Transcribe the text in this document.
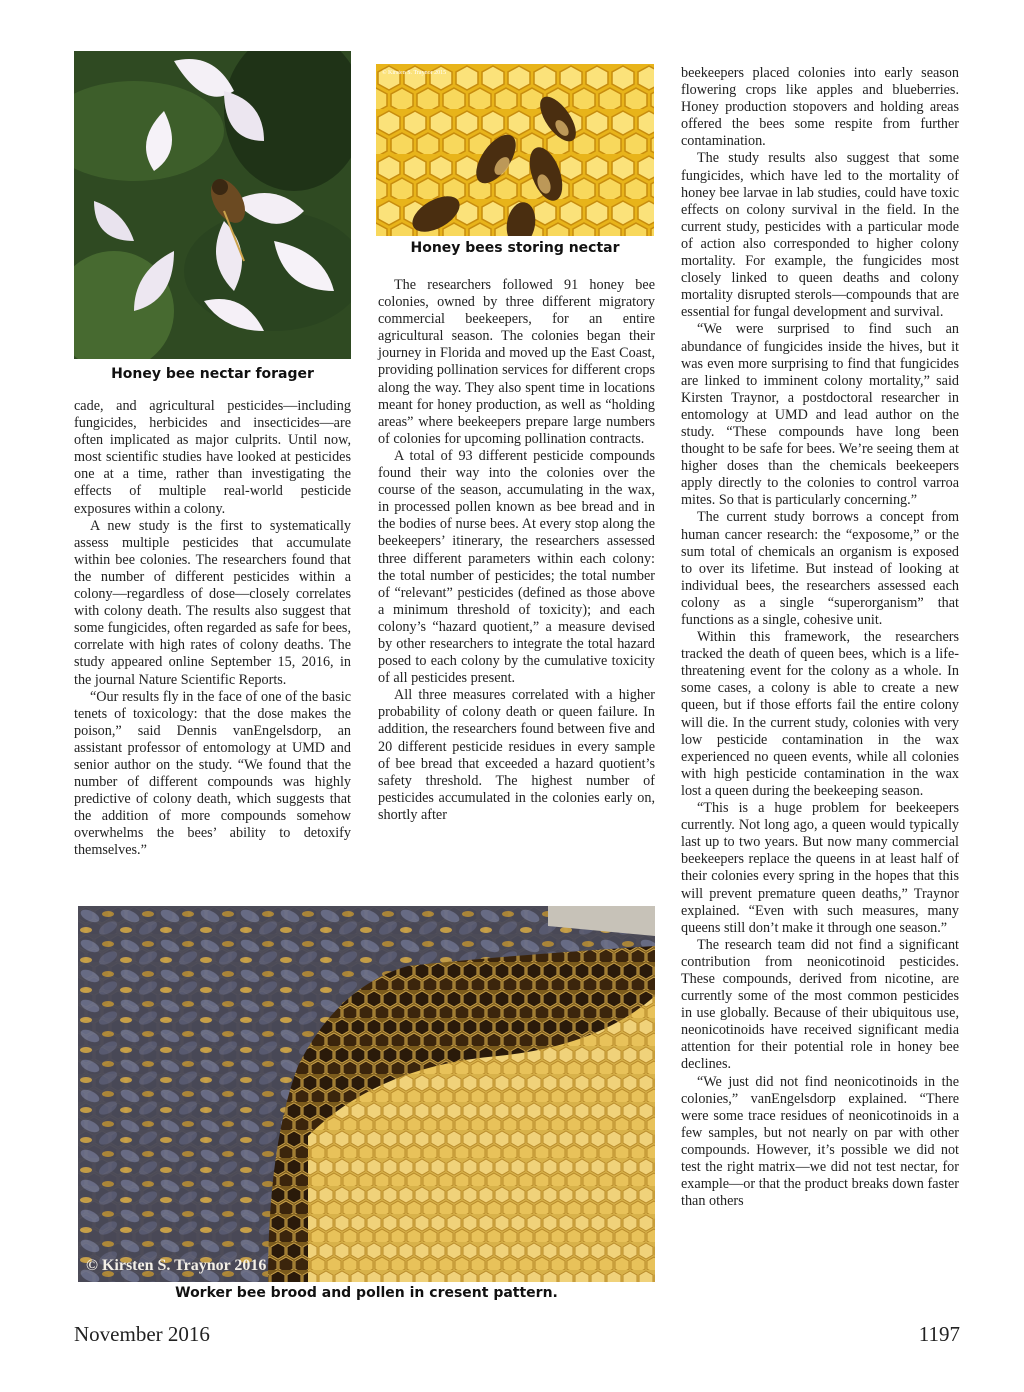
Honey bee nectar forager
© Kirsten S. Traynor 2015
Honey bees storing nectar

cade, and agricultural pesticides—including fungicides, herbicides and insecticides—are often implicated as major culprits. Until now, most scientific studies have looked at pesticides one at a time, rather than investigating the effects of multiple real-world pesticide exposures within a colony.

A new study is the first to systematically assess multiple pesticides that accumulate within bee colonies. The researchers found that the number of different pesticides within a colony—regardless of dose—closely correlates with colony death. The results also suggest that some fungicides, often regarded as safe for bees, correlate with high rates of colony deaths. The study appeared online September 15, 2016, in the journal Nature Scientific Reports.

“Our results fly in the face of one of the basic tenets of toxicology: that the dose makes the poison,” said Dennis vanEngelsdorp, an assistant professor of entomology at UMD and senior author on the study. “We found that the number of different compounds was highly predictive of colony death, which suggests that the addition of more compounds somehow overwhelms the bees’ ability to detoxify themselves.”

The researchers followed 91 honey bee colonies, owned by three different migratory commercial beekeepers, for an entire agricultural season. The colonies began their journey in Florida and moved up the East Coast, providing pollination services for different crops along the way. They also spent time in locations meant for honey production, as well as “holding areas” where beekeepers prepare large numbers of colonies for upcoming pollination contracts.

A total of 93 different pesticide compounds found their way into the colonies over the course of the season, accumulating in the wax, in processed pollen known as bee bread and in the bodies of nurse bees. At every stop along the beekeepers’ itinerary, the researchers assessed three different parameters within each colony: the total number of pesticides; the total number of “relevant” pesticides (defined as those above a minimum threshold of toxicity); and each colony’s “hazard quotient,” a measure devised by other researchers to integrate the total hazard posed to each colony by the cumulative toxicity of all pesticides present.

All three measures correlated with a higher probability of colony death or queen failure. In addition, the researchers found between five and 20 different pesticide residues in every sample of bee bread that exceeded a hazard quotient’s safety threshold. The highest number of pesticides accumulated in the colonies early on, shortly after

beekeepers placed colonies into early season flowering crops like apples and blueberries. Honey production stopovers and holding areas offered the bees some respite from further contamination.

The study results also suggest that some fungicides, which have led to the mortality of honey bee larvae in lab studies, could have toxic effects on colony survival in the field. In the current study, pesticides with a particular mode of action also corresponded to higher colony mortality. For example, the fungicides most closely linked to queen deaths and colony mortality disrupted sterols—compounds that are essential for fungal development and survival.

“We were surprised to find such an abundance of fungicides inside the hives, but it was even more surprising to find that fungicides are linked to imminent colony mortality,” said Kirsten Traynor, a postdoctoral researcher in entomology at UMD and lead author on the study. “These compounds have long been thought to be safe for bees. We’re seeing them at higher doses than the chemicals beekeepers apply directly to the colonies to control varroa mites. So that is particularly concerning.”

The current study borrows a concept from human cancer research: the “exposome,” or the sum total of chemicals an organism is exposed to over its lifetime. But instead of looking at individual bees, the researchers assessed each colony as a single “superorganism” that functions as a single, cohesive unit.

Within this framework, the researchers tracked the death of queen bees, which is a life-threatening event for the colony as a whole. In some cases, a colony is able to create a new queen, but if those efforts fail the entire colony will die. In the current study, colonies with very low pesticide contamination in the wax experienced no queen events, while all colonies with high pesticide contamination in the wax lost a queen during the beekeeping season.

“This is a huge problem for beekeepers currently. Not long ago, a queen would typically last up to two years. But now many commercial beekeepers replace the queens in at least half of their colonies every spring in the hopes that this will prevent premature queen deaths,” Traynor explained. “Even with such measures, many queens still don’t make it through one season.”

The research team did not find a significant contribution from neonicotinoid pesticides. These compounds, derived from nicotine, are currently some of the most common pesticides in use globally. Because of their ubiquitous use, neonicotinoids have received significant media attention for their potential role in honey bee declines.

“We just did not find neonicotinoids in the colonies,” vanEngelsdorp explained. “There were some trace residues of neonicotinoids in a few samples, but not nearly on par with other compounds. However, it’s possible we did not test the right matrix—we did not test nectar, for example—or that the product breaks down faster than others

© Kirsten S. Traynor 2016
Worker bee brood and pollen in cresent pattern.
November 2016	1197
